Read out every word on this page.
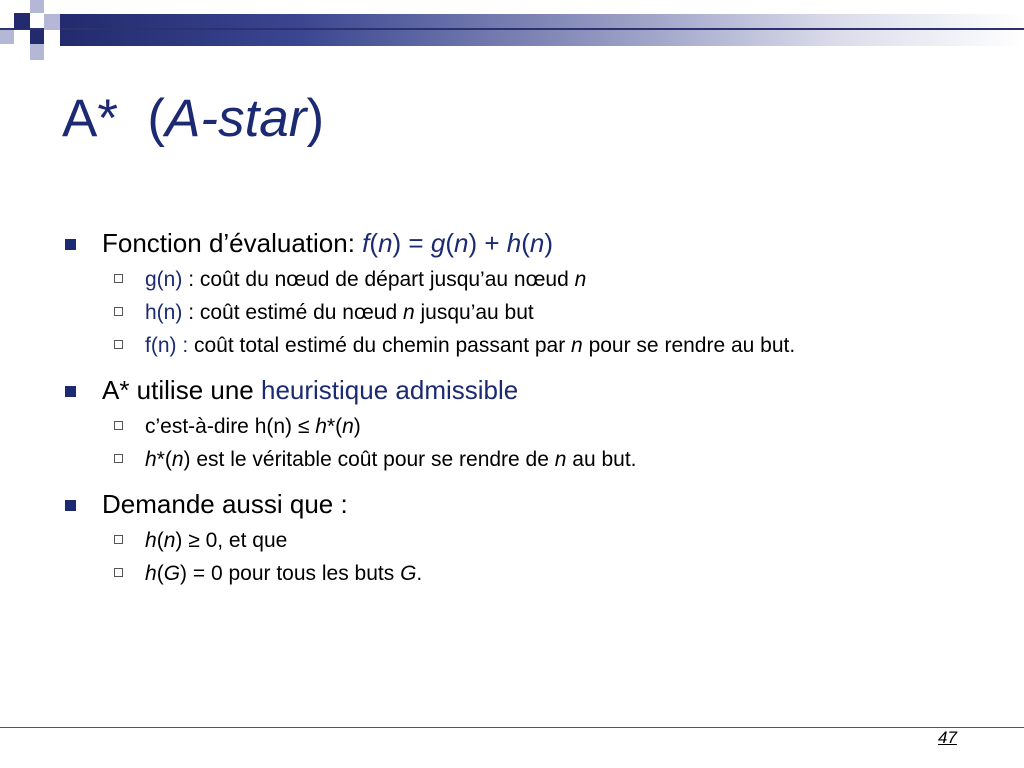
A*  (A-star)
Fonction d’évaluation: f(n) = g(n) + h(n)
g(n) : coût du nœud de départ jusqu’au nœud n
h(n) : coût estimé du nœud n jusqu’au but
f(n) : coût total estimé du chemin passant par n pour se rendre au but.
A* utilise une heuristique admissible
c’est-à-dire h(n) ≤ h*(n)
h*(n) est le véritable coût pour se rendre de n au but.
Demande aussi que :
h(n) ≥ 0, et que
h(G) = 0 pour tous les buts G.
47
